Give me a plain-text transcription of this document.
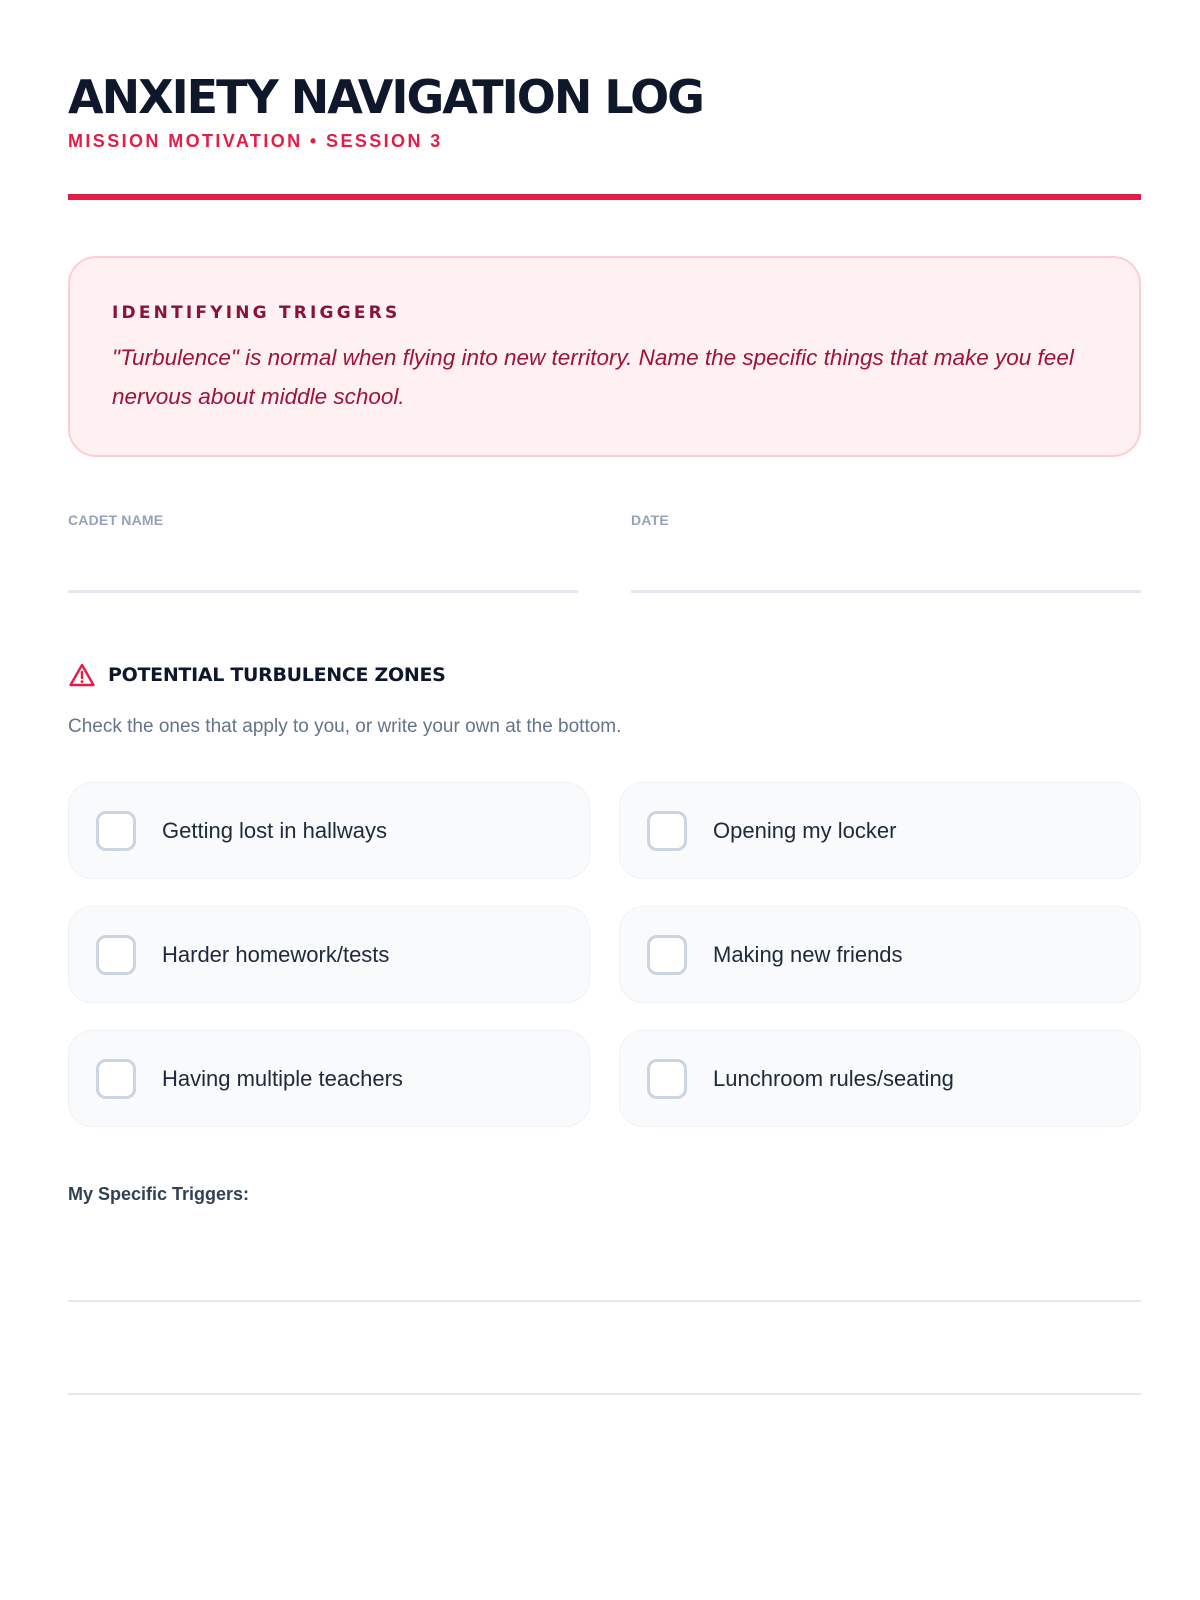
ANXIETY NAVIGATION LOG
MISSION MOTIVATION • SESSION 3
IDENTIFYING TRIGGERS

"Turbulence" is normal when flying into new territory. Name the specific things that make you feel nervous about middle school.

CADET NAME	DATE
POTENTIAL TURBULENCE ZONES
Check the ones that apply to you, or write your own at the bottom.
Getting lost in hallways	Opening my locker
Harder homework/tests	Making new friends
Having multiple teachers	Lunchroom rules/seating
My Specific Triggers:
